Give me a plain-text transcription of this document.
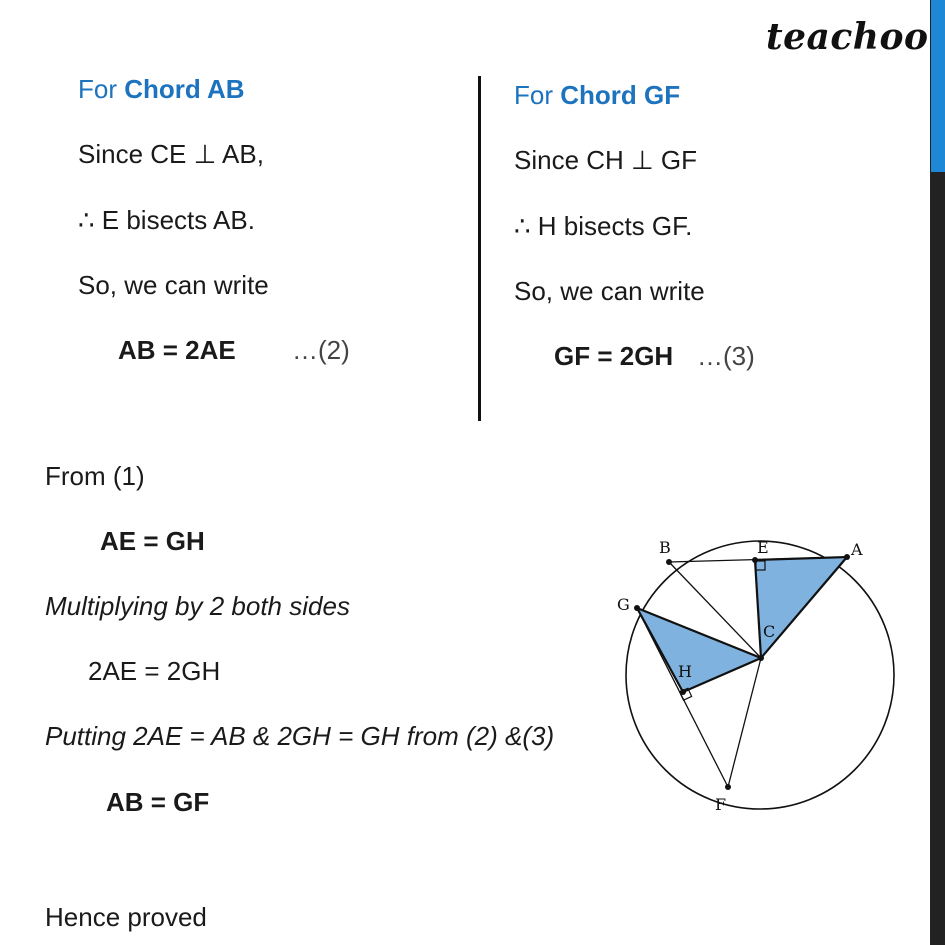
teachoo
For Chord AB
Since CE ⊥ AB,
∴ E bisects AB.
So, we can write
AB = 2AE …(2)
For Chord GF
Since CH ⊥ GF
∴ H bisects GF.
So, we can write
GF = 2GH …(3)
From (1)
AE = GH
Multiplying by 2 both sides
2AE = 2GH
Putting 2AE = AB & 2GH = GH from (2) &(3)
AB = GF
Hence proved
A
B	E
C
G
H
F
